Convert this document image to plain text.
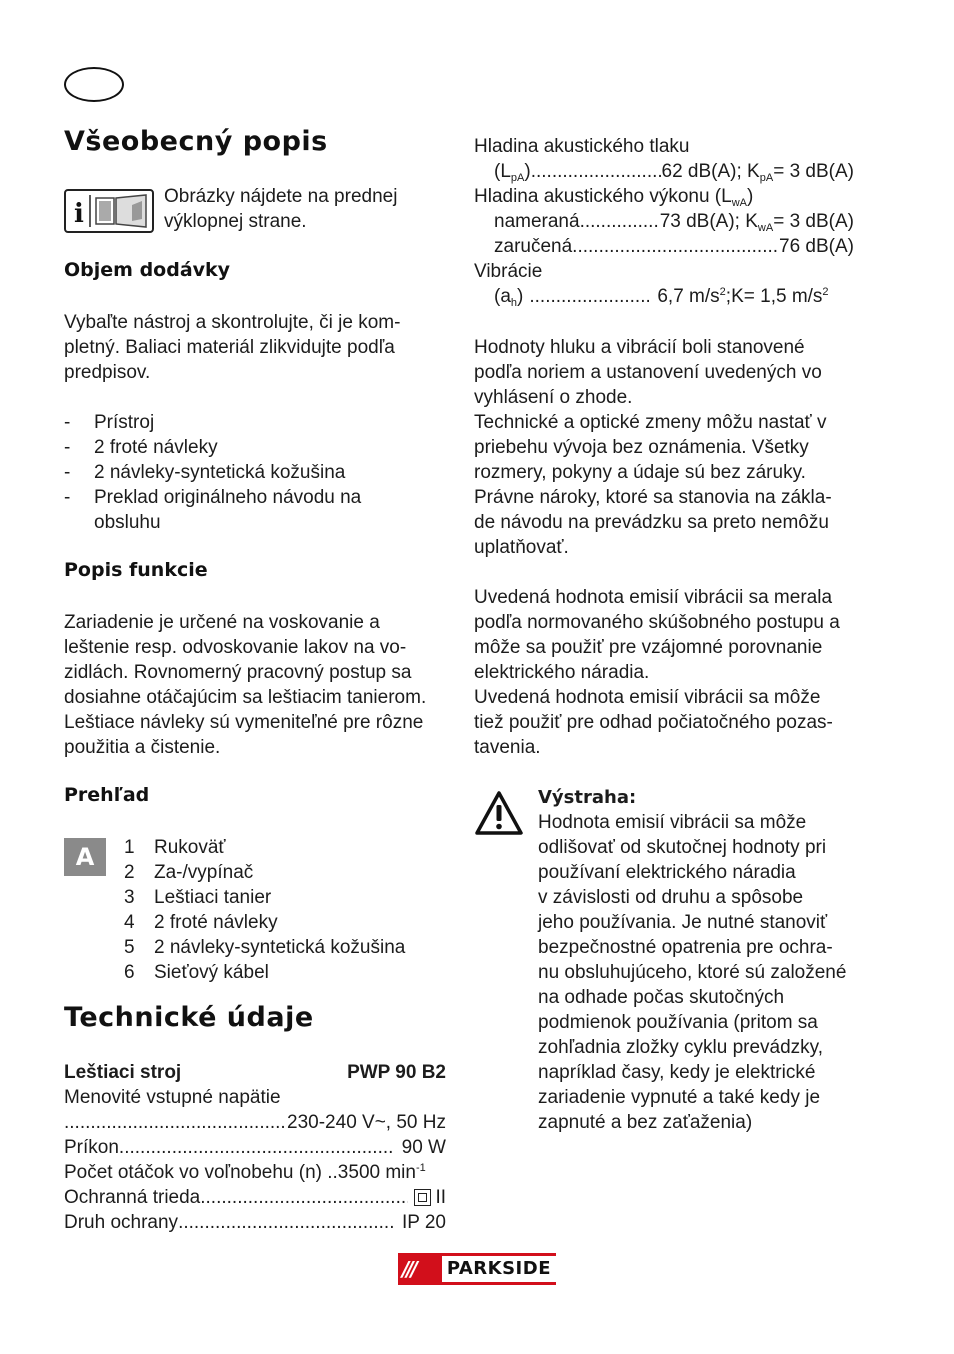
Všeobecný popis
i
Obrázky nájdete na prednej
výklopnej strane.
Objem dodávky
Vybaľte nástroj a skontrolujte, či je kom-
pletný. Baliaci materiál zlikvidujte podľa
predpisov.
-	Prístroj
-	2 froté návleky
-	2 návleky-syntetická kožušina
-	Preklad originálneho návodu na
obsluhu
Popis funkcie
Zariadenie je určené na voskovanie a
leštenie resp. odvoskovanie lakov na vo-
zidlách. Rovnomerný pracovný postup sa
dosiahne otáčajúcim sa leštiacim tanierom.
Leštiace návleky sú vymeniteľné pre rôzne
použitia a čistenie.
Prehľad
A	1	Rukoväť
2	Za-/vypínač
3	Leštiaci tanier
4	2 froté návleky
5	2 návleky-syntetická kožušina
6	Sieťový kábel
Technické údaje
Leštiaci stroj	PWP 90 B2
Menovité vstupné napätie
.....
230-240 V~, 50 Hz
Príkon .....	90 W
Počet otáčok vo voľnobehu (n) ..3500 $\min^{-1}$
Ochranná trieda .....	II
Druh ochrany .....	IP 20
Hladina akustického tlaku
$(L_{pA})$ .....	62 dB(A); $K_{pA}= 3$ dB(A)
Hladina akustického výkonu $(L_{wA})$
nameraná .....	73 dB(A); $K_{wA}= 3$ dB(A)
zaručená .....	76 dB(A)
Vibrácie
$(a_h)$ .....	6,7 $m/s^2;K= 1,5$ $m/s^2$
Hodnoty hluku a vibrácií boli stanovené
podľa noriem a ustanovení uvedených vo
vyhlásení o zhode.
Technické a optické zmeny môžu nastať v
priebehu vývoja bez oznámenia. Všetky
rozmery, pokyny a údaje sú bez záruky.
Právne nároky, ktoré sa stanovia na zákla-
de návodu na prevádzku sa preto nemôžu
uplatňovať.
Uvedená hodnota emisií vibrácii sa merala
podľa normovaného skúšobného postupu a
môže sa použiť pre vzájomné porovnanie
elektrického náradia.
Uvedená hodnota emisií vibrácii sa môže
tiež použiť pre odhad počiatočného pozas-
tavenia.
Výstraha:
Hodnota emisií vibrácii sa môže
odlišovať od skutočnej hodnoty pri
používaní elektrického náradia
v závislosti od druhu a spôsobe
jeho používania. Je nutné stanoviť
bezpečnostné opatrenia pre ochra-
nu obsluhujúceho, ktoré sú založené
na odhade počas skutočných
podmienok používania (pritom sa
zohľadnia zložky cyklu prevádzky,
napríklad časy, kedy je elektrické
zariadenie vypnuté a také kedy je
zapnuté a bez zaťaženia)
///	PARKSIDE
